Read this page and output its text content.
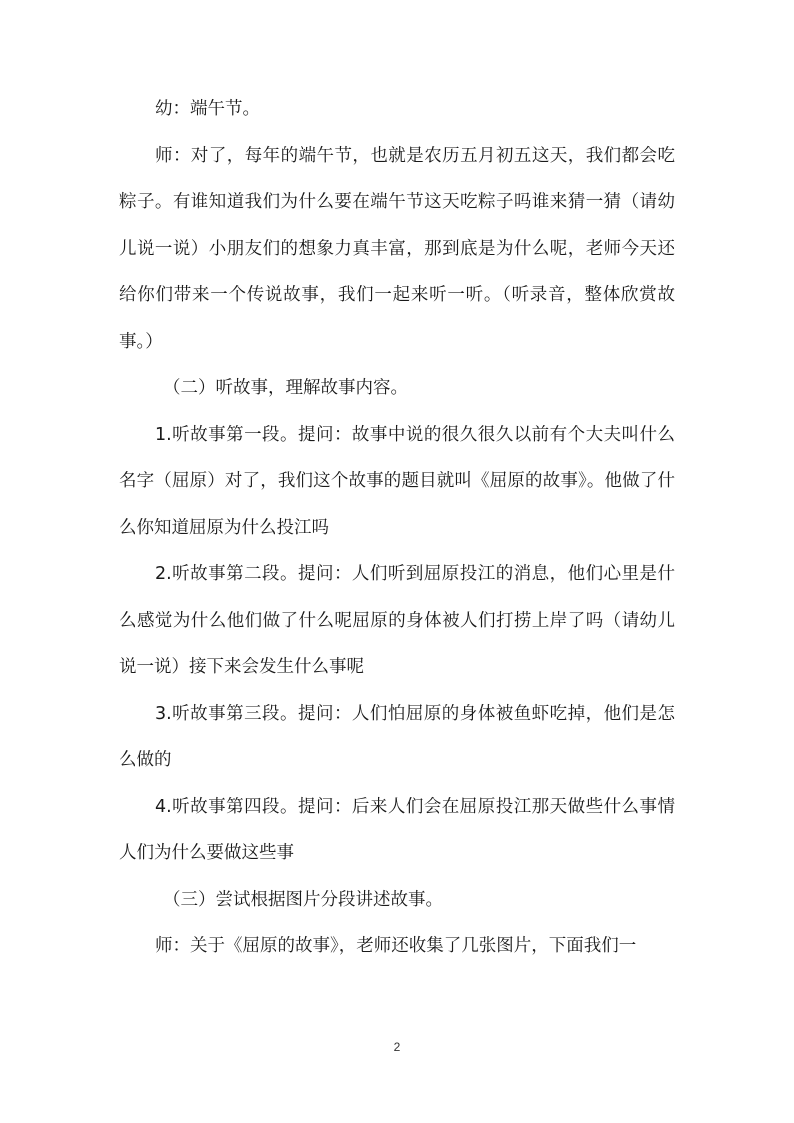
幼：端午节。

师：对了，每年的端午节，也就是农历五月初五这天，我们都会吃粽子。有谁知道我们为什么要在端午节这天吃粽子吗谁来猜一猜（请幼儿说一说）小朋友们的想象力真丰富，那到底是为什么呢，老师今天还给你们带来一个传说故事，我们一起来听一听。（听录音，整体欣赏故事。）

（二）听故事，理解故事内容。

1.听故事第一段。提问：故事中说的很久很久以前有个大夫叫什么名字（屈原）对了，我们这个故事的题目就叫《屈原的故事》。他做了什么你知道屈原为什么投江吗

2.听故事第二段。提问：人们听到屈原投江的消息，他们心里是什么感觉为什么他们做了什么呢屈原的身体被人们打捞上岸了吗（请幼儿说一说）接下来会发生什么事呢

3.听故事第三段。提问：人们怕屈原的身体被鱼虾吃掉，他们是怎么做的

4.听故事第四段。提问：后来人们会在屈原投江那天做些什么事情人们为什么要做这些事

（三）尝试根据图片分段讲述故事。

师：关于《屈原的故事》，老师还收集了几张图片，下面我们一

2
